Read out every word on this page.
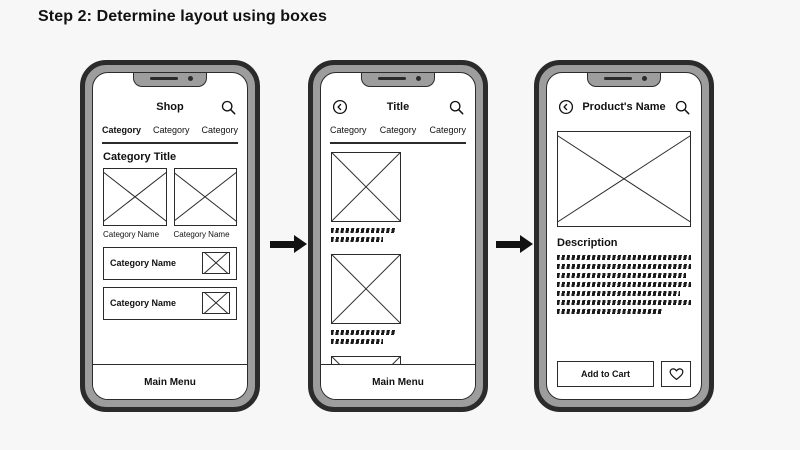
Step 2: Determine layout using boxes
Shop
Category Category Category
Category Title
Category Name	Category Name
Category Name
Category Name
Main Menu
Title
Category Category Category
Main Menu
Product's Name
Description
Add to Cart
